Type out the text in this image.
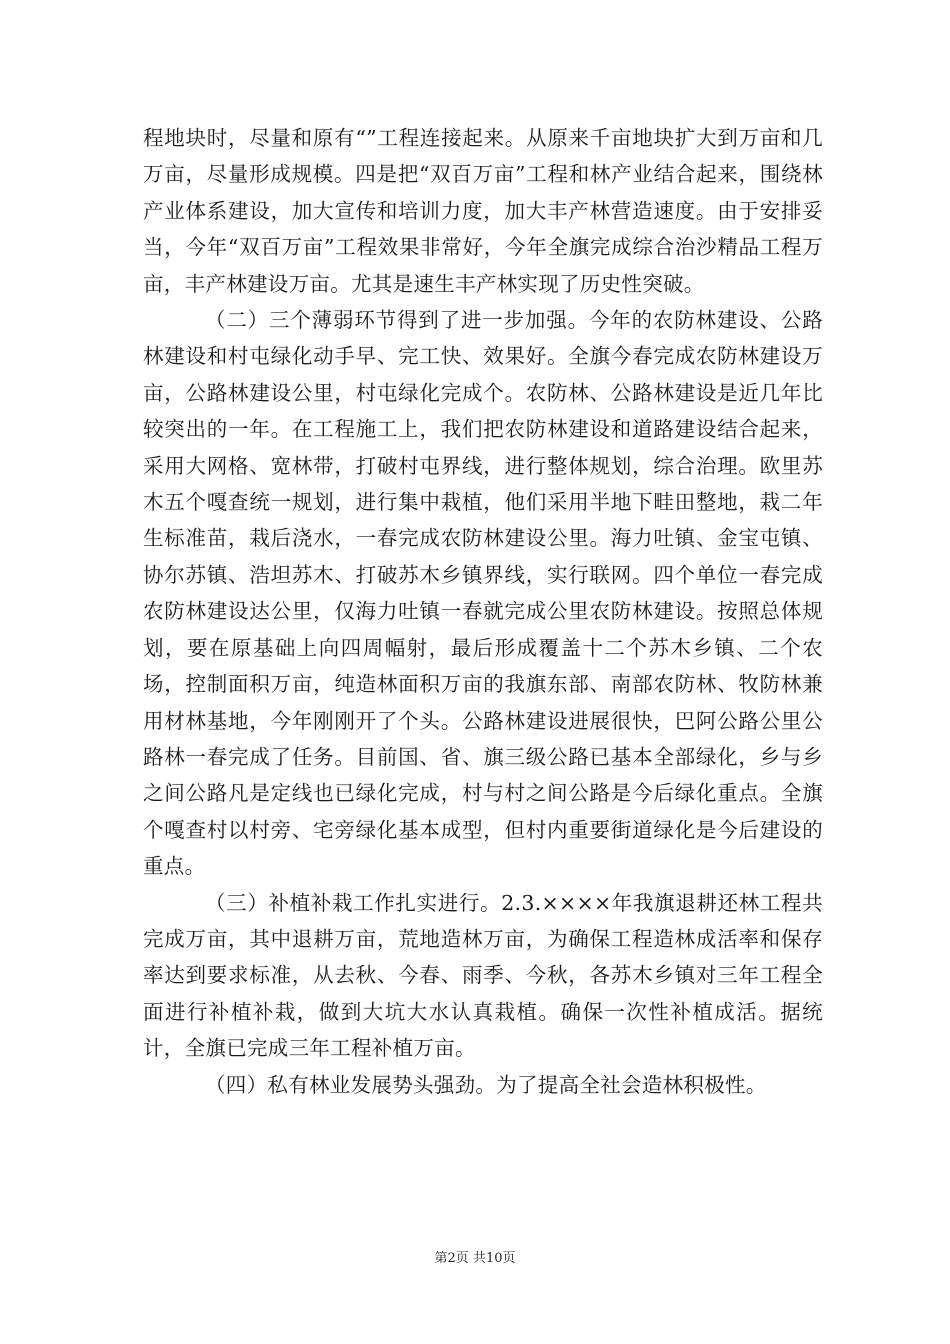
程地块时，尽量和原有“”工程连接起来。从原来千亩地块扩大到万亩和几万亩，尽量形成规模。四是把“双百万亩”工程和林产业结合起来，围绕林产业体系建设，加大宣传和培训力度，加大丰产林营造速度。由于安排妥当，今年“双百万亩”工程效果非常好，今年全旗完成综合治沙精品工程万亩，丰产林建设万亩。尤其是速生丰产林实现了历史性突破。

（二）三个薄弱环节得到了进一步加强。今年的农防林建设、公路林建设和村屯绿化动手早、完工快、效果好。全旗今春完成农防林建设万亩，公路林建设公里，村屯绿化完成个。农防林、公路林建设是近几年比较突出的一年。在工程施工上，我们把农防林建设和道路建设结合起来，采用大网格、宽林带，打破村屯界线，进行整体规划，综合治理。欧里苏木五个嘎查统一规划，进行集中栽植，他们采用半地下畦田整地，栽二年生标准苗，栽后浇水，一春完成农防林建设公里。海力吐镇、金宝屯镇、协尔苏镇、浩坦苏木、打破苏木乡镇界线，实行联网。四个单位一春完成农防林建设达公里，仅海力吐镇一春就完成公里农防林建设。按照总体规划，要在原基础上向四周幅射，最后形成覆盖十二个苏木乡镇、二个农场，控制面积万亩，纯造林面积万亩的我旗东部、南部农防林、牧防林兼用材林基地，今年刚刚开了个头。公路林建设进展很快，巴阿公路公里公路林一春完成了任务。目前国、省、旗三级公路已基本全部绿化，乡与乡之间公路凡是定线也已绿化完成，村与村之间公路是今后绿化重点。全旗个嘎查村以村旁、宅旁绿化基本成型，但村内重要街道绿化是今后建设的重点。

（三）补植补栽工作扎实进行。2.3.××××年我旗退耕还林工程共完成万亩，其中退耕万亩，荒地造林万亩，为确保工程造林成活率和保存率达到要求标准，从去秋、今春、雨季、今秋，各苏木乡镇对三年工程全面进行补植补栽，做到大坑大水认真栽植。确保一次性补植成活。据统计，全旗已完成三年工程补植万亩。

（四）私有林业发展势头强劲。为了提高全社会造林积极性。

第2页 共10页
